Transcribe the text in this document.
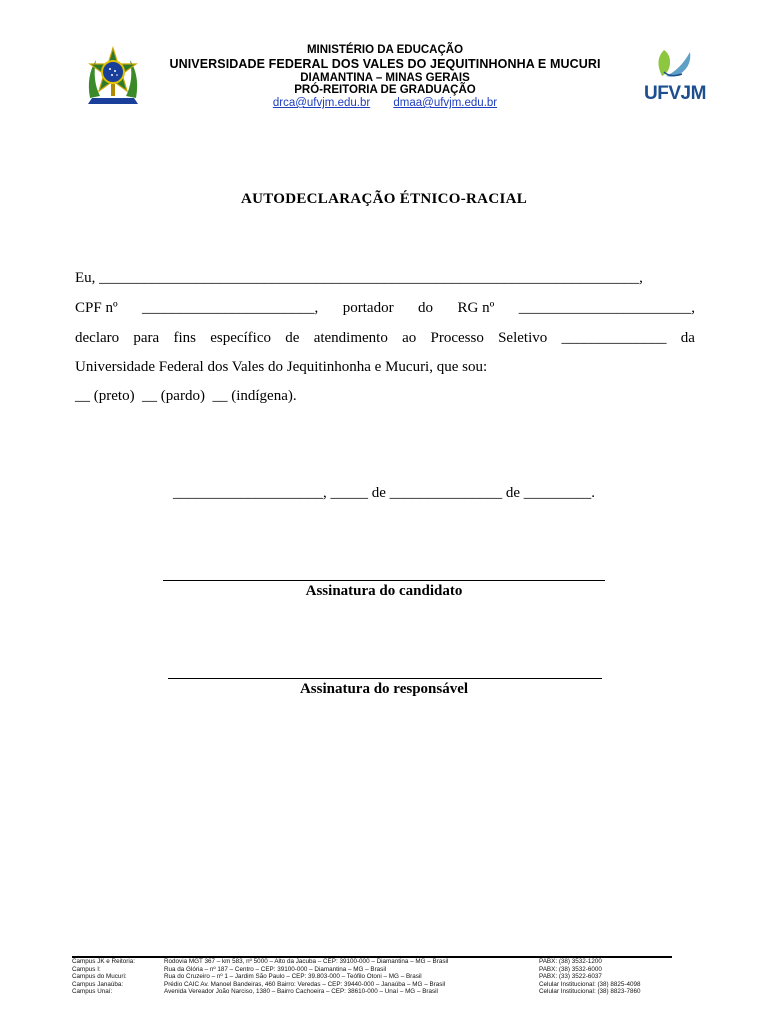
MINISTÉRIO DA EDUCAÇÃO
UNIVERSIDADE FEDERAL DOS VALES DO JEQUITINHONHA E MUCURI
DIAMANTINA – MINAS GERAIS
PRÓ-REITORIA DE GRADUAÇÃO
drca@ufvjm.edu.br dmaa@ufvjm.edu.br	UFVJM
AUTODECLARAÇÃO ÉTNICO-RACIAL
Eu, ________________________________________________________________________,
CPF nº _______________________, portador do RG nº _______________________,
declaro para fins específico de atendimento ao Processo Seletivo ______________ da
Universidade Federal dos Vales do Jequitinhonha e Mucuri, que sou:
__ (preto)  __ (pardo)  __ (indígena).
____________________, _____ de _______________ de _________.
Assinatura do candidato
Assinatura do responsável
Campus JK e Reitoria:	Rodovia MGT 367 – km 583, nº 5000 – Alto da Jacuba – CEP: 39100-000 – Diamantina – MG – Brasil	PABX: (38) 3532-1200
Campus I:	Rua da Glória – nº 187 – Centro – CEP: 39100-000 – Diamantina – MG – Brasil	PABX: (38) 3532-6000
Campus do Mucuri:	Rua do Cruzeiro – nº 1 – Jardim São Paulo – CEP: 39.803-000 – Teófilo Otoni – MG – Brasil	PABX: (33) 3522-6037
Campus Janaúba:	Prédio CAIC Av. Manoel Bandeiras, 460 Bairro: Veredas – CEP: 39440-000 – Janaúba – MG – Brasil	Celular Institucional: (38) 8825-4098
Campus Unaí:	Avenida Vereador João Narciso, 1380 – Bairro Cachoeira – CEP: 38610-000 – Unaí – MG – Brasil	Celular Institucional: (38) 8823-7860
